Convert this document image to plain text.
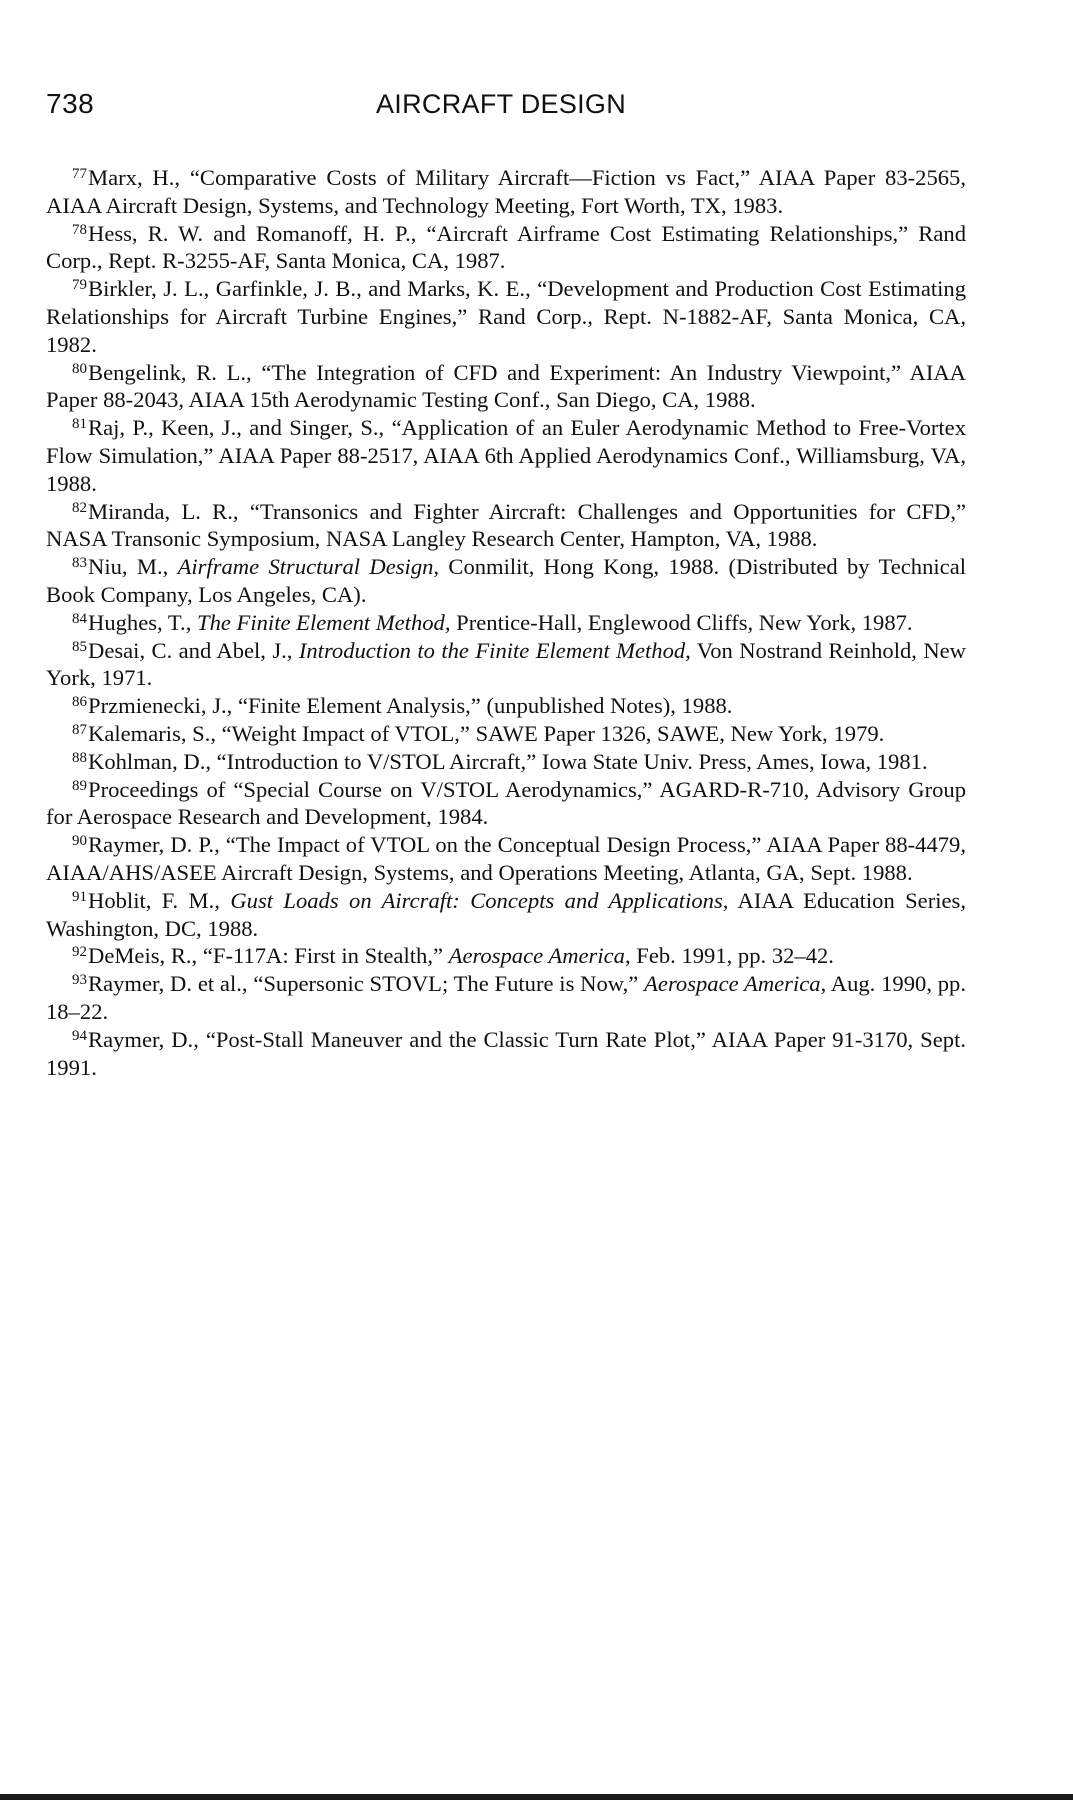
738	AIRCRAFT DESIGN
$^{77}$Marx, H., “Comparative Costs of Military Aircraft—Fiction vs Fact,” AIAA Paper 83-2565, AIAA Aircraft Design, Systems, and Technology Meeting, Fort Worth, TX, 1983.
$^{78}$Hess, R. W. and Romanoff, H. P., “Aircraft Airframe Cost Estimating Relationships,” Rand Corp., Rept. R-3255-AF, Santa Monica, CA, 1987.
$^{79}$Birkler, J. L., Garfinkle, J. B., and Marks, K. E., “Development and Production Cost Estimating Relationships for Aircraft Turbine Engines,” Rand Corp., Rept. N-1882-AF, Santa Monica, CA, 1982.
$^{80}$Bengelink, R. L., “The Integration of CFD and Experiment: An Industry Viewpoint,” AIAA Paper 88-2043, AIAA 15th Aerodynamic Testing Conf., San Diego, CA, 1988.
$^{81}$Raj, P., Keen, J., and Singer, S., “Application of an Euler Aerodynamic Method to Free-Vortex Flow Simulation,” AIAA Paper 88-2517, AIAA 6th Applied Aerodynamics Conf., Williamsburg, VA, 1988.
$^{82}$Miranda, L. R., “Transonics and Fighter Aircraft: Challenges and Opportunities for CFD,” NASA Transonic Symposium, NASA Langley Research Center, Hampton, VA, 1988.
$^{83}$Niu, M., Airframe Structural Design, Conmilit, Hong Kong, 1988. (Distributed by Technical Book Company, Los Angeles, CA).
$^{84}$Hughes, T., The Finite Element Method, Prentice-Hall, Englewood Cliffs, New York, 1987.
$^{85}$Desai, C. and Abel, J., Introduction to the Finite Element Method, Von Nostrand Reinhold, New York, 1971.
$^{86}$Przmienecki, J., “Finite Element Analysis,” (unpublished Notes), 1988.
$^{87}$Kalemaris, S., “Weight Impact of VTOL,” SAWE Paper 1326, SAWE, New York, 1979.
$^{88}$Kohlman, D., “Introduction to V/STOL Aircraft,” Iowa State Univ. Press, Ames, Iowa, 1981.
$^{89}$Proceedings of “Special Course on V/STOL Aerodynamics,” AGARD-R-710, Advisory Group for Aerospace Research and Development, 1984.
$^{90}$Raymer, D. P., “The Impact of VTOL on the Conceptual Design Process,” AIAA Paper 88-4479, AIAA/AHS/ASEE Aircraft Design, Systems, and Operations Meeting, Atlanta, GA, Sept. 1988.
$^{91}$Hoblit, F. M., Gust Loads on Aircraft: Concepts and Applications, AIAA Education Series, Washington, DC, 1988.
$^{92}$DeMeis, R., “F-117A: First in Stealth,” Aerospace America, Feb. 1991, pp. 32–42.
$^{93}$Raymer, D. et al., “Supersonic STOVL; The Future is Now,” Aerospace America, Aug. 1990, pp. 18–22.
$^{94}$Raymer, D., “Post-Stall Maneuver and the Classic Turn Rate Plot,” AIAA Paper 91-3170, Sept. 1991.
